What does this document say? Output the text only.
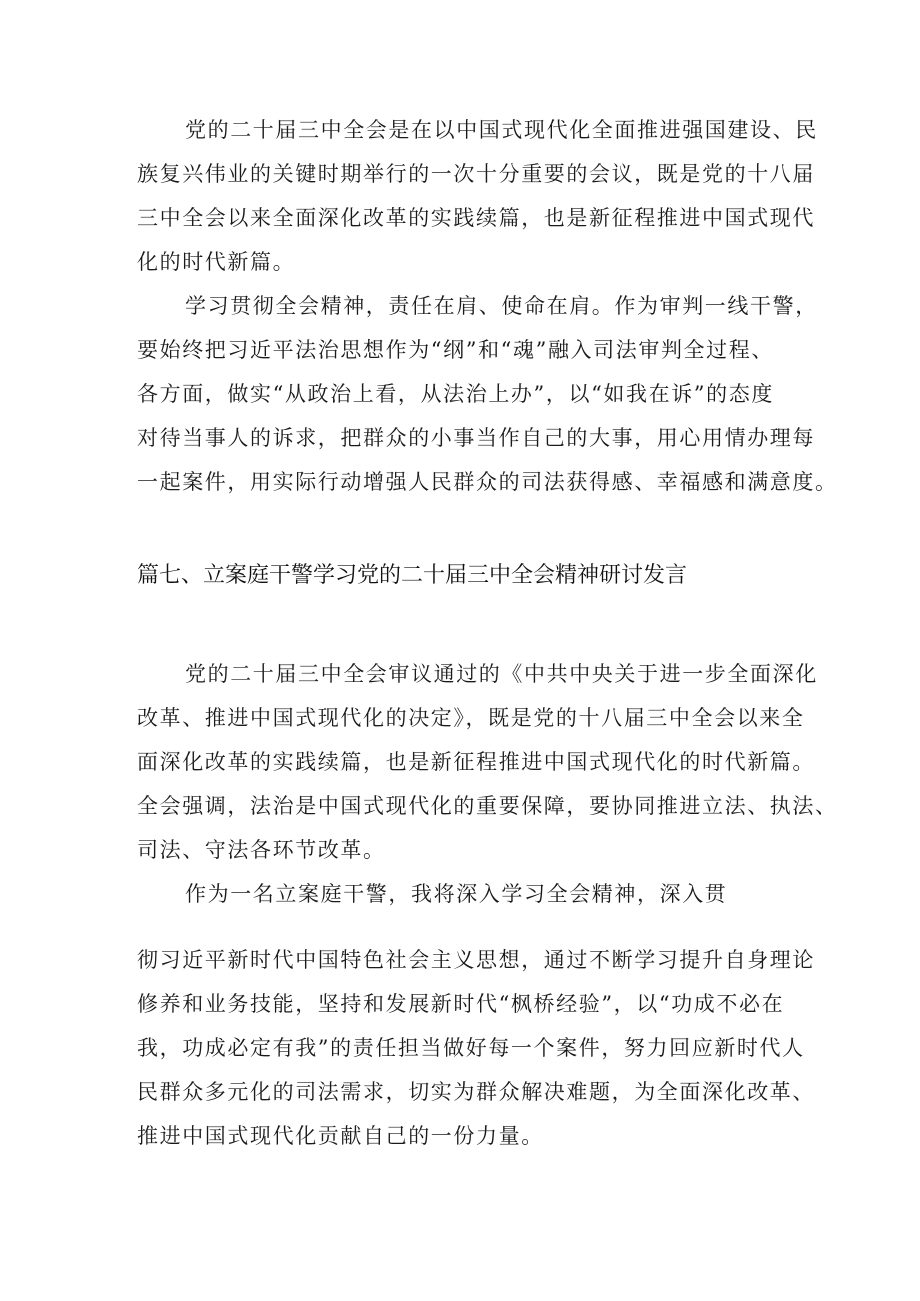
党的二十届三中全会是在以中国式现代化全面推进强国建设、民
族复兴伟业的关键时期举行的一次十分重要的会议，既是党的十八届
三中全会以来全面深化改革的实践续篇，也是新征程推进中国式现代
化的时代新篇。
学习贯彻全会精神，责任在肩、使命在肩。作为审判一线干警，
要始终把习近平法治思想作为“纲”和“魂”融入司法审判全过程、
各方面，做实“从政治上看，从法治上办”，以“如我在诉”的态度
对待当事人的诉求，把群众的小事当作自己的大事，用心用情办理每
一起案件，用实际行动增强人民群众的司法获得感、幸福感和满意度。
篇七、立案庭干警学习党的二十届三中全会精神研讨发言
党的二十届三中全会审议通过的《中共中央关于进一步全面深化
改革、推进中国式现代化的决定》，既是党的十八届三中全会以来全
面深化改革的实践续篇，也是新征程推进中国式现代化的时代新篇。
全会强调，法治是中国式现代化的重要保障，要协同推进立法、执法、
司法、守法各环节改革。
作为一名立案庭干警，我将深入学习全会精神，深入贯
彻习近平新时代中国特色社会主义思想，通过不断学习提升自身理论
修养和业务技能，坚持和发展新时代“枫桥经验”，以“功成不必在
我，功成必定有我”的责任担当做好每一个案件，努力回应新时代人
民群众多元化的司法需求，切实为群众解决难题，为全面深化改革、
推进中国式现代化贡献自己的一份力量。
